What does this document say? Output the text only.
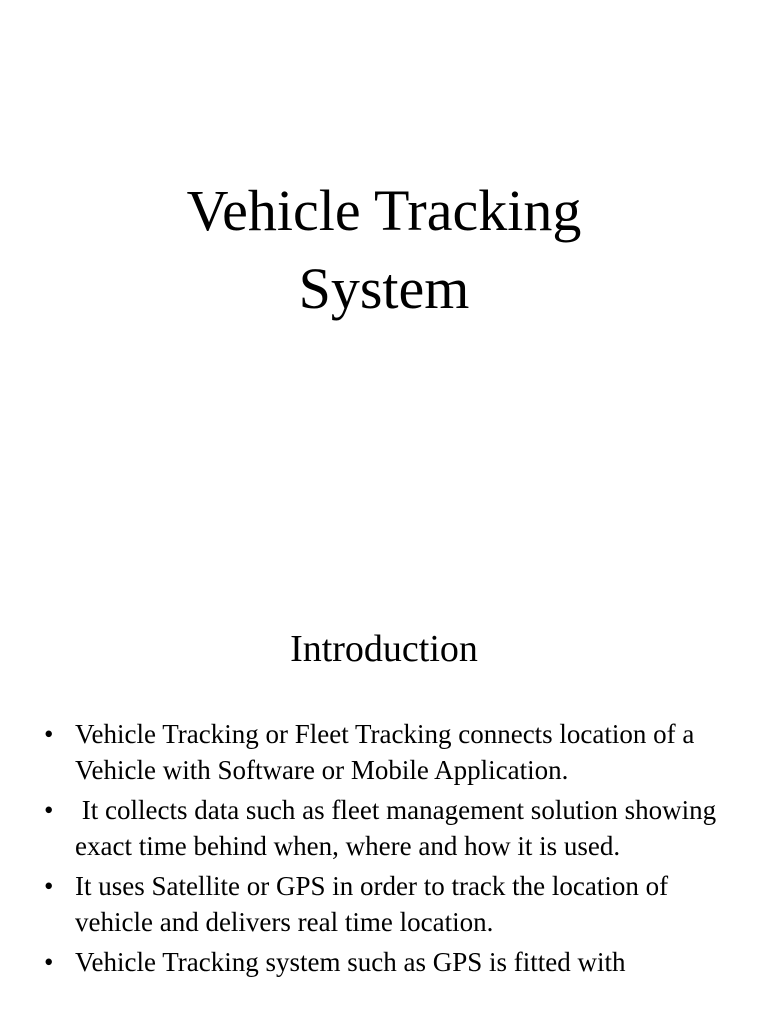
Vehicle Tracking
System
Introduction
• Vehicle Tracking or Fleet Tracking connects location of a Vehicle with Software or Mobile Application.
• It collects data such as fleet management solution showing exact time behind when, where and how it is used.
• It uses Satellite or GPS in order to track the location of vehicle and delivers real time location.
• Vehicle Tracking system such as GPS is fitted with
